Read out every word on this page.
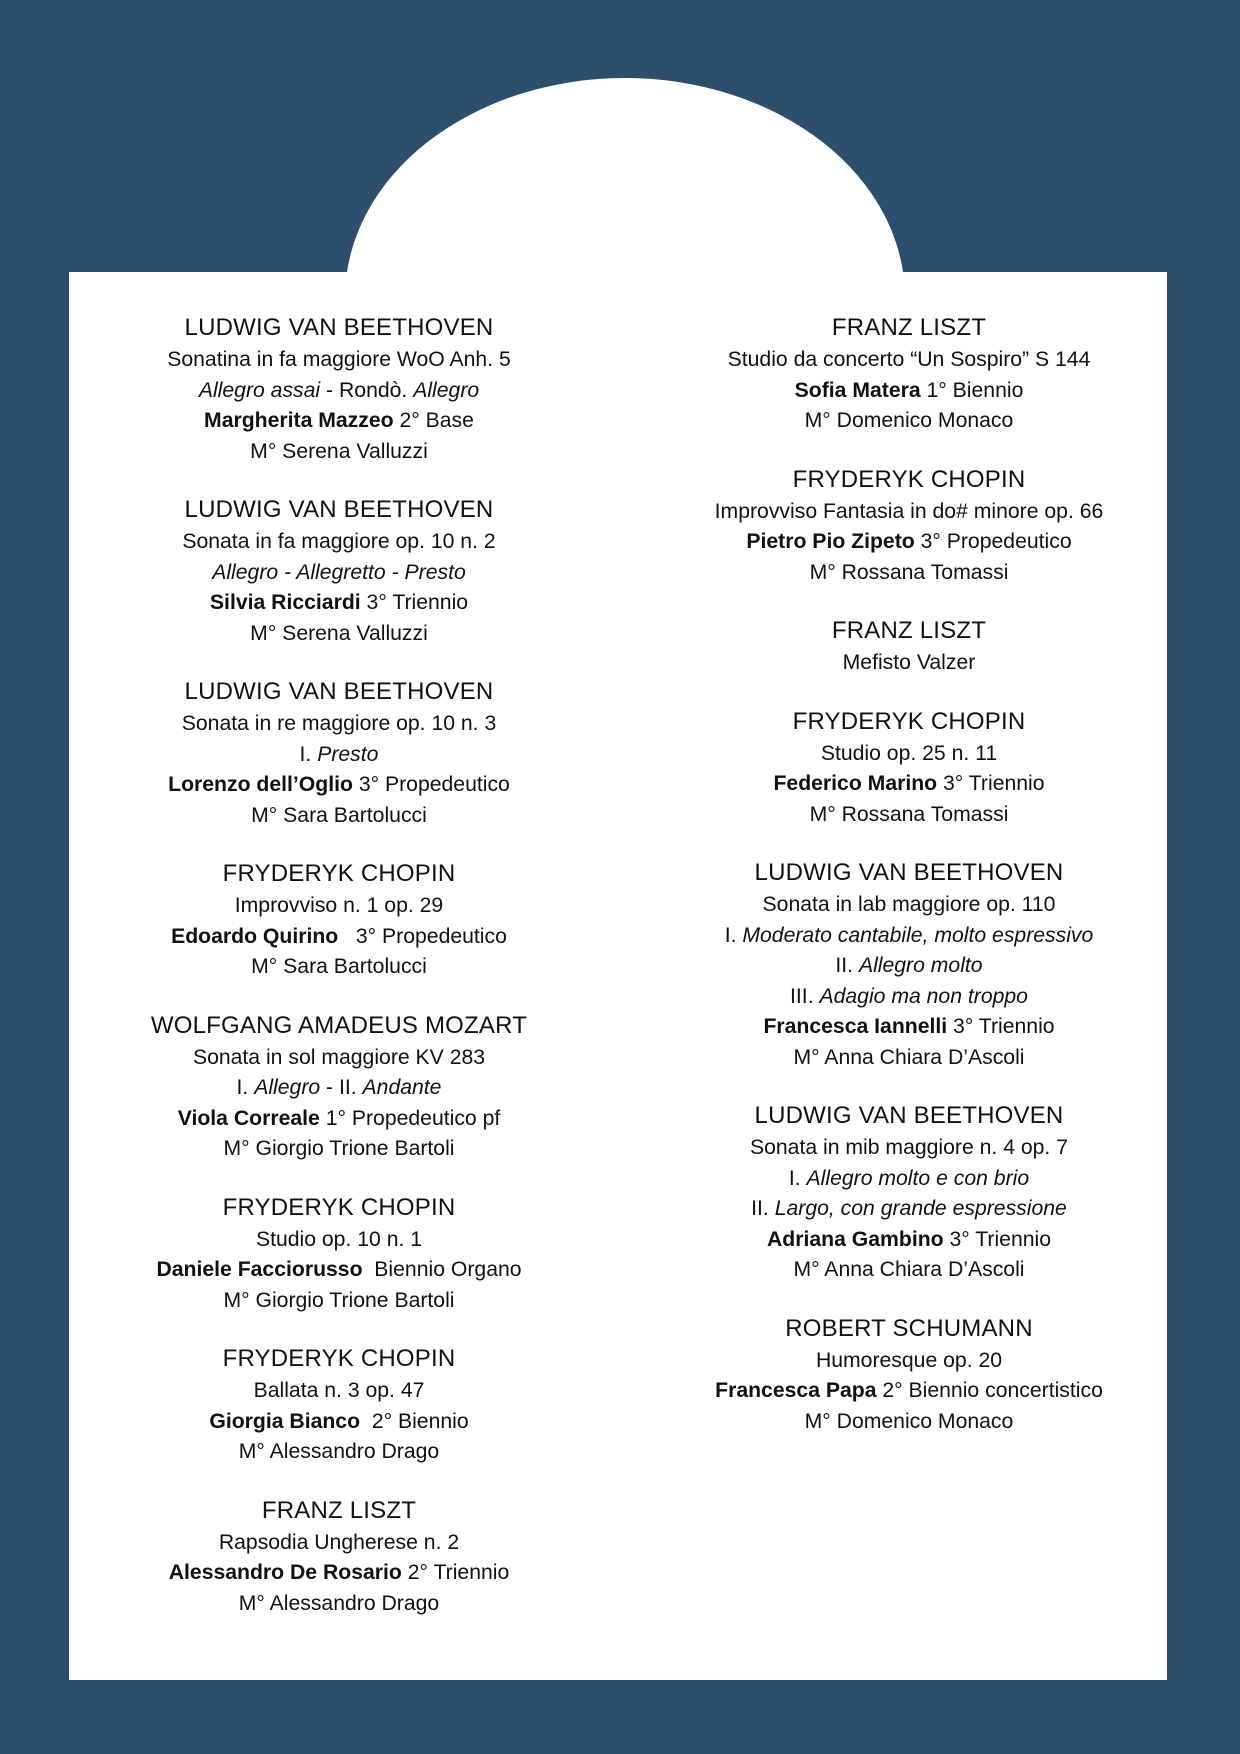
LUDWIG VAN BEETHOVEN
Sonatina in fa maggiore WoO Anh. 5
Allegro assai - Rondò. Allegro
Margherita Mazzeo 2° Base
M° Serena Valluzzi
LUDWIG VAN BEETHOVEN
Sonata in fa maggiore op. 10 n. 2
Allegro - Allegretto - Presto
Silvia Ricciardi 3° Triennio
M° Serena Valluzzi
LUDWIG VAN BEETHOVEN
Sonata in re maggiore op. 10 n. 3
I. Presto
Lorenzo dell’Oglio 3° Propedeutico
M° Sara Bartolucci
FRYDERYK CHOPIN
Improvviso n. 1 op. 29
Edoardo Quirino   3° Propedeutico
M° Sara Bartolucci
WOLFGANG AMADEUS MOZART
Sonata in sol maggiore KV 283
I. Allegro - II. Andante
Viola Correale 1° Propedeutico pf
M° Giorgio Trione Bartoli
FRYDERYK CHOPIN
Studio op. 10 n. 1
Daniele Facciorusso  Biennio Organo
M° Giorgio Trione Bartoli
FRYDERYK CHOPIN
Ballata n. 3 op. 47
Giorgia Bianco  2° Biennio
M° Alessandro Drago
FRANZ LISZT
Rapsodia Ungherese n. 2
Alessandro De Rosario 2° Triennio
M° Alessandro Drago
FRANZ LISZT
Studio da concerto “Un Sospiro” S 144
Sofia Matera 1° Biennio
M° Domenico Monaco
FRYDERYK CHOPIN
Improvviso Fantasia in do# minore op. 66
Pietro Pio Zipeto 3° Propedeutico
M° Rossana Tomassi
FRANZ LISZT
Mefisto Valzer
FRYDERYK CHOPIN
Studio op. 25 n. 11
Federico Marino 3° Triennio
M° Rossana Tomassi
LUDWIG VAN BEETHOVEN
Sonata in lab maggiore op. 110
I. Moderato cantabile, molto espressivo
II. Allegro molto
III. Adagio ma non troppo
Francesca Iannelli 3° Triennio
M° Anna Chiara D’Ascoli
LUDWIG VAN BEETHOVEN
Sonata in mib maggiore n. 4 op. 7
I. Allegro molto e con brio
II. Largo, con grande espressione
Adriana Gambino 3° Triennio
M° Anna Chiara D’Ascoli
ROBERT SCHUMANN
Humoresque op. 20
Francesca Papa 2° Biennio concertistico
M° Domenico Monaco
